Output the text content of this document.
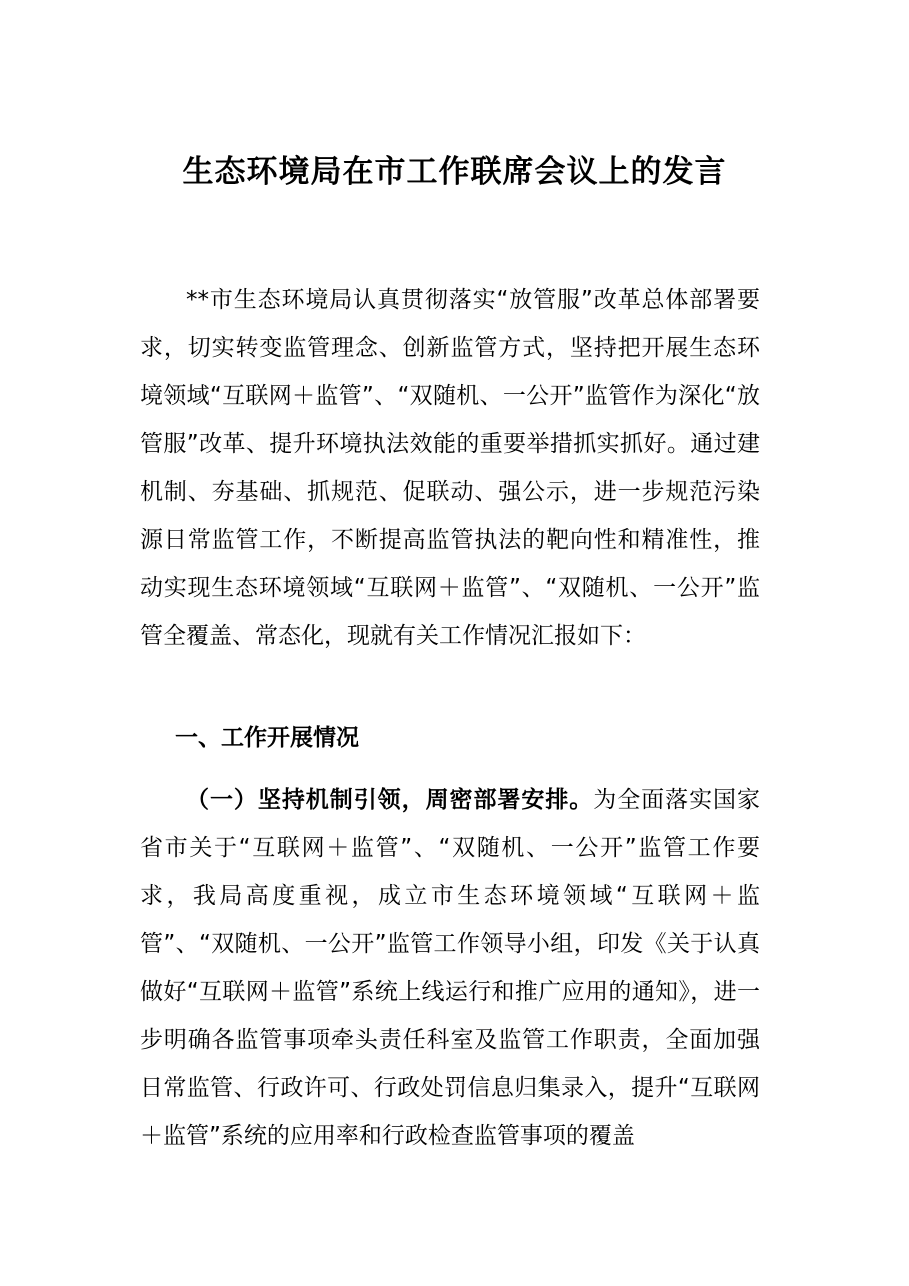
生态环境局在市工作联席会议上的发言

**市生态环境局认真贯彻落实“放管服”改革总体部署要求，切实转变监管理念、创新监管方式，坚持把开展生态环境领域“互联网＋监管”、“双随机、一公开”监管作为深化“放管服”改革、提升环境执法效能的重要举措抓实抓好。通过建机制、夯基础、抓规范、促联动、强公示，进一步规范污染源日常监管工作，不断提高监管执法的靶向性和精准性，推动实现生态环境领域“互联网＋监管”、“双随机、一公开”监管全覆盖、常态化，现就有关工作情况汇报如下：

一、工作开展情况

（一）坚持机制引领，周密部署安排。为全面落实国家省市关于“互联网＋监管”、“双随机、一公开”监管工作要求，我局高度重视，成立市生态环境领域“互联网＋监管”、“双随机、一公开”监管工作领导小组，印发《关于认真做好“互联网＋监管”系统上线运行和推广应用的通知》，进一步明确各监管事项牵头责任科室及监管工作职责，全面加强日常监管、行政许可、行政处罚信息归集录入，提升“互联网＋监管”系统的应用率和行政检查监管事项的覆盖
